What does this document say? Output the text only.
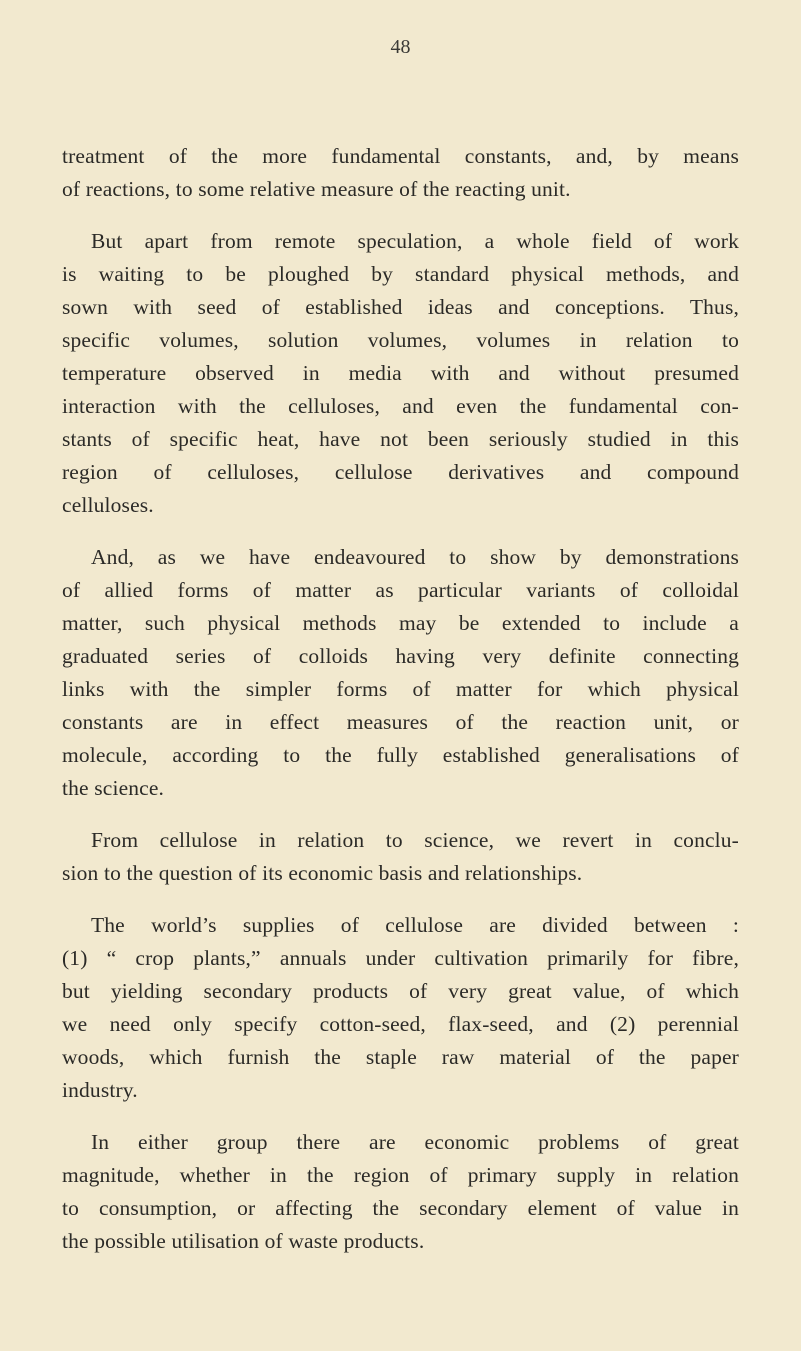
48
treatment of the more fundamental constants, and, by means
of reactions, to some relative measure of the reacting unit.
But apart from remote speculation, a whole field of work
is waiting to be ploughed by standard physical methods, and
sown with seed of established ideas and conceptions. Thus,
specific volumes, solution volumes, volumes in relation to
temperature observed in media with and without presumed
interaction with the celluloses, and even the fundamental con-
stants of specific heat, have not been seriously studied in this
region of celluloses, cellulose derivatives and compound
celluloses.
And, as we have endeavoured to show by demonstrations
of allied forms of matter as particular variants of colloidal
matter, such physical methods may be extended to include a
graduated series of colloids having very definite connecting
links with the simpler forms of matter for which physical
constants are in effect measures of the reaction unit, or
molecule, according to the fully established generalisations of
the science.
From cellulose in relation to science, we revert in conclu-
sion to the question of its economic basis and relationships.
The world’s supplies of cellulose are divided between :
(1) “ crop plants,” annuals under cultivation primarily for fibre,
but yielding secondary products of very great value, of which
we need only specify cotton-seed, flax-seed, and (2) perennial
woods, which furnish the staple raw material of the paper
industry.
In either group there are economic problems of great
magnitude, whether in the region of primary supply in relation
to consumption, or affecting the secondary element of value in
the possible utilisation of waste products.
